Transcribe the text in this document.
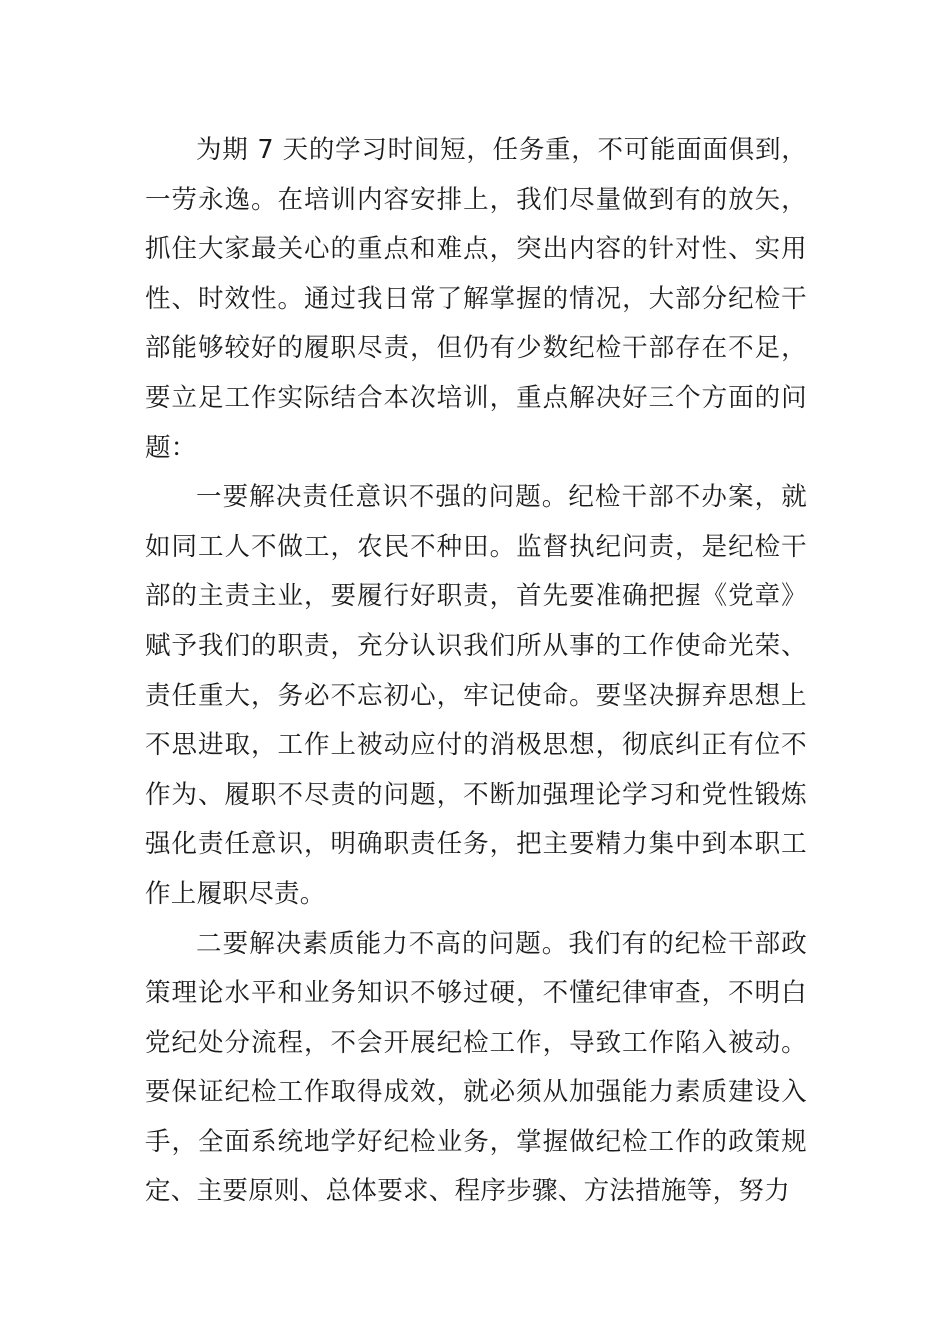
为期 7 天的学习时间短，任务重，不可能面面俱到，一劳永逸。在培训内容安排上，我们尽量做到有的放矢，抓住大家最关心的重点和难点，突出内容的针对性、实用性、时效性。通过我日常了解掌握的情况，大部分纪检干部能够较好的履职尽责，但仍有少数纪检干部存在不足，要立足工作实际结合本次培训，重点解决好三个方面的问题：

一要解决责任意识不强的问题。纪检干部不办案，就如同工人不做工，农民不种田。监督执纪问责，是纪检干部的主责主业，要履行好职责，首先要准确把握《党章》赋予我们的职责，充分认识我们所从事的工作使命光荣、责任重大，务必不忘初心，牢记使命。要坚决摒弃思想上不思进取，工作上被动应付的消极思想，彻底纠正有位不作为、履职不尽责的问题，不断加强理论学习和党性锻炼强化责任意识，明确职责任务，把主要精力集中到本职工作上履职尽责。

二要解决素质能力不高的问题。我们有的纪检干部政策理论水平和业务知识不够过硬，不懂纪律审查，不明白党纪处分流程，不会开展纪检工作，导致工作陷入被动。要保证纪检工作取得成效，就必须从加强能力素质建设入手，全面系统地学好纪检业务，掌握做纪检工作的政策规定、主要原则、总体要求、程序步骤、方法措施等，努力
